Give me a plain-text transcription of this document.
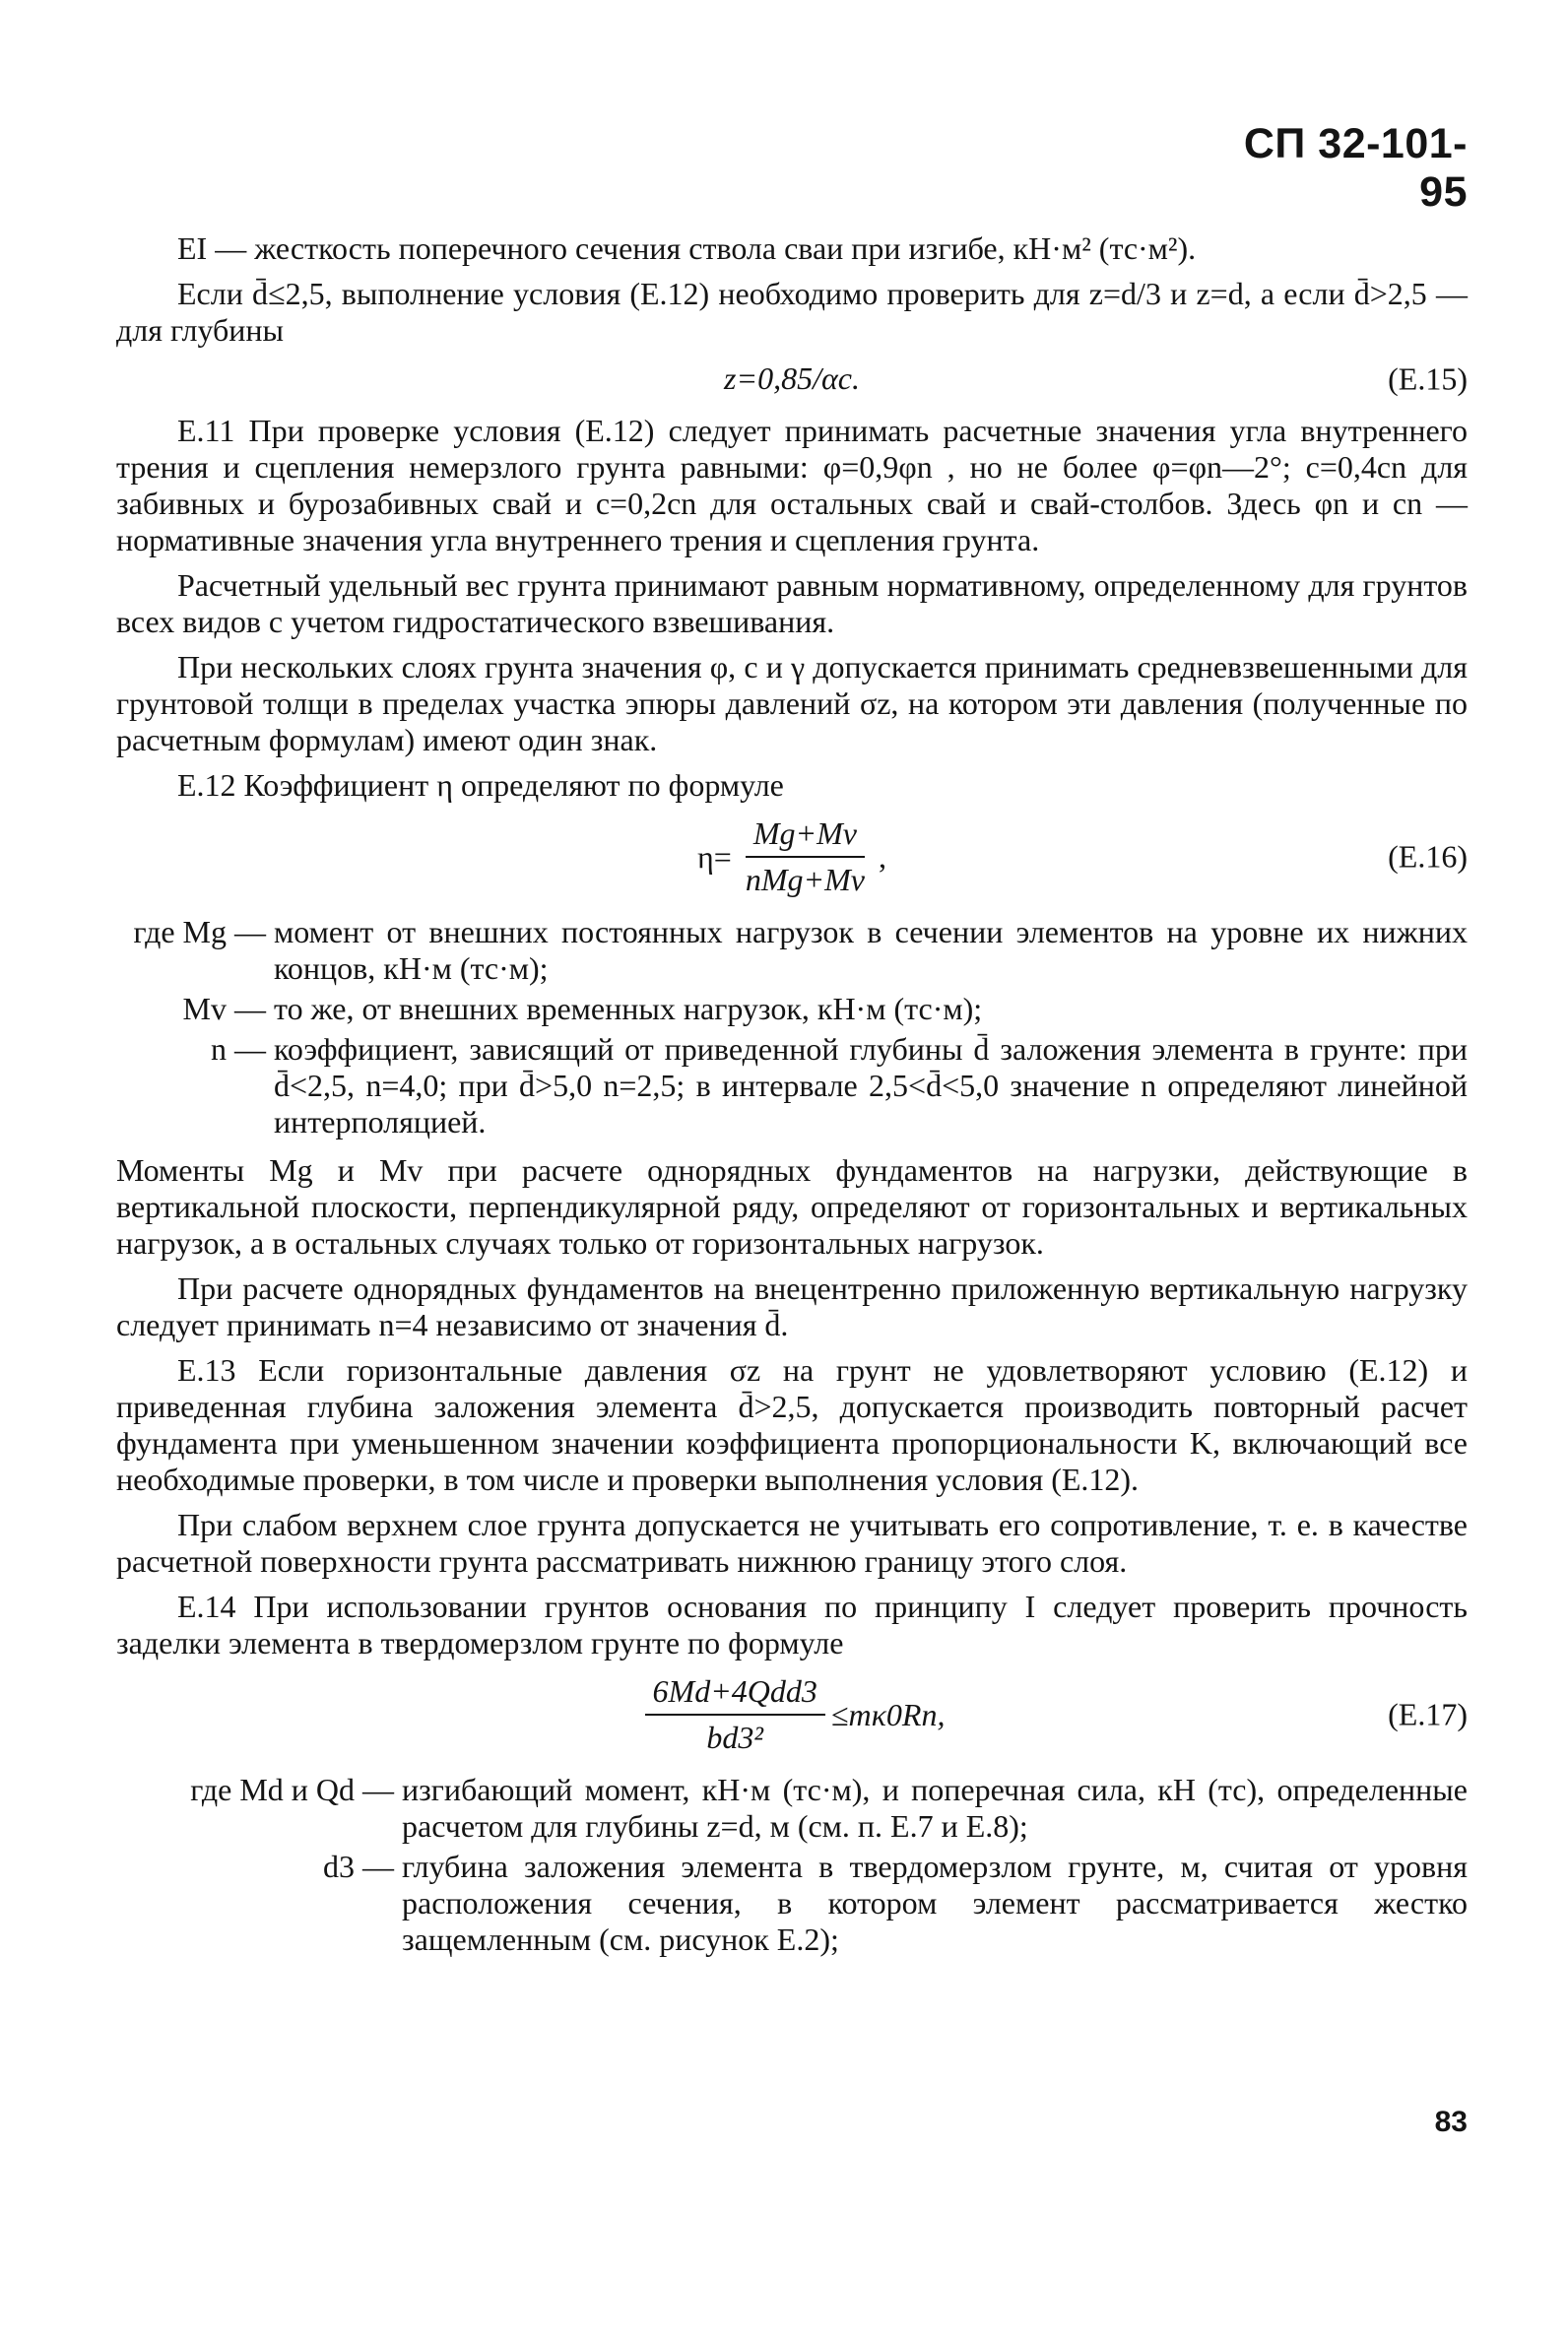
СП 32-101-95

EI — жесткость поперечного сечения ствола сваи при изгибе, кН·м² (тс·м²).

Если d̄≤2,5, выполнение условия (Е.12) необходимо проверить для z=d/3 и z=d, а если d̄>2,5 — для глубины

z=0,85/αc.	(Е.15)

Е.11 При проверке условия (Е.12) следует принимать расчетные значения угла внутреннего трения и сцепления немерзлого грунта равными: φ=0,9φn , но не более φ=φn—2°; c=0,4cn для забивных и бурозабивных свай и c=0,2cn для остальных свай и свай-столбов. Здесь φn и cn — нормативные значения угла внутреннего трения и сцепления грунта.

Расчетный удельный вес грунта принимают равным нормативному, определенному для грунтов всех видов с учетом гидростатического взвешивания.

При нескольких слоях грунта значения φ, c и γ допускается принимать средневзвешенными для грунтовой толщи в пределах участка эпюры давлений σz, на котором эти давления (полученные по расчетным формулам) имеют один знак.

Е.12 Коэффициент η определяют по формуле

$\eta= \frac{Mg+Mv}{\text{nMg+Mv}}$ ,	(Е.16)
где Mg — момент от внешних постоянных нагрузок в сечении элементов на уровне их нижних концов, кН·м (тс·м);
Mv — то же, от внешних временных нагрузок, кН·м (тс·м);
n — коэффициент, зависящий от приведенной глубины d̄ заложения элемента в грунте: при d̄<2,5, n=4,0; при d̄>5,0 n=2,5; в интервале 2,5<d̄<5,0 значение n определяют линейной интерполяцией.

Моменты Mg и Mv при расчете однорядных фундаментов на нагрузки, действующие в вертикальной плоскости, перпендикулярной ряду, определяют от горизонтальных и вертикальных нагрузок, а в остальных случаях только от горизонтальных нагрузок.

При расчете однорядных фундаментов на внецентренно приложенную вертикальную нагрузку следует принимать n=4 независимо от значения d̄.

Е.13 Если горизонтальные давления σz на грунт не удовлетворяют условию (Е.12) и приведенная глубина заложения элемента d̄>2,5, допускается производить повторный расчет фундамента при уменьшенном значении коэффициента пропорциональности K, включающий все необходимые проверки, в том числе и проверки выполнения условия (Е.12).

При слабом верхнем слое грунта допускается не учитывать его сопротивление, т. е. в качестве расчетной поверхности грунта рассматривать нижнюю границу этого слоя.

Е.14 При использовании грунтов основания по принципу I следует проверить прочность заделки элемента в твердомерзлом грунте по формуле

$\frac{\text{6Md+4Qdd3}}{\text{bd3²}} \le m\kappa 0Rn$,	(Е.17)
где Md и Qd — изгибающий момент, кН·м (тс·м), и поперечная сила, кН (тс), определенные расчетом для глубины z=d, м (см. п. Е.7 и Е.8);
d3 — глубина заложения элемента в твердомерзлом грунте, м, считая от уровня расположения сечения, в котором элемент рассматривается жестко защемленным (см. рисунок Е.2);
83
